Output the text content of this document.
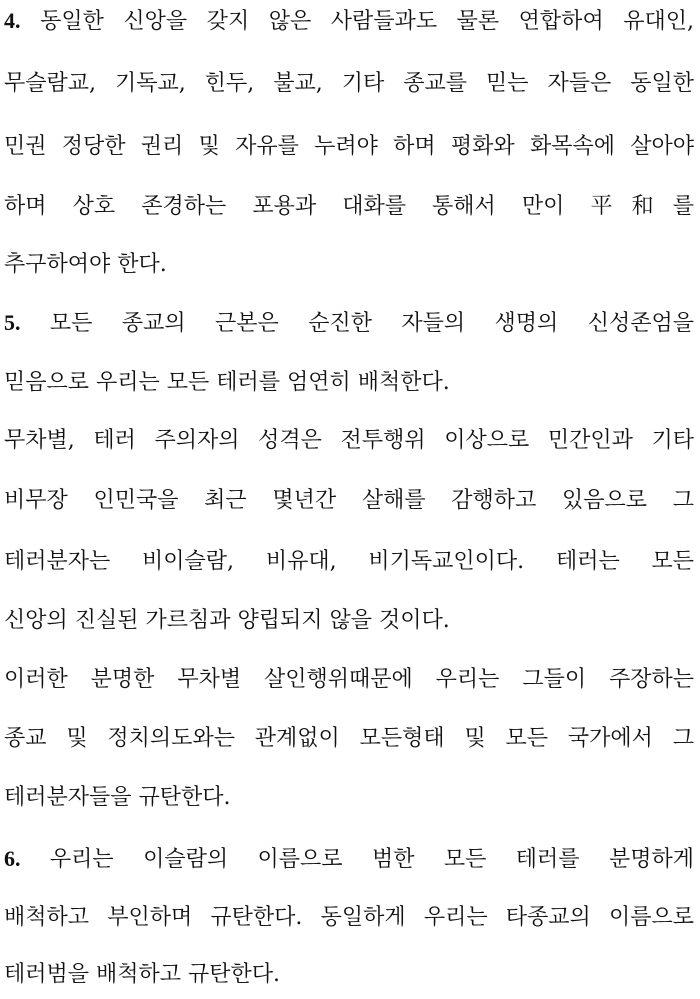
4. 동일한 신앙을 갖지 않은 사람들과도 물론 연합하여 유대인,
무슬람교, 기독교, 힌두, 불교, 기타 종교를 믿는 자들은 동일한
민권 정당한 권리 및 자유를 누려야 하며 평화와 화목속에 살아야
하며 상호 존경하는 포용과 대화를 통해서 만이 平和를
추구하여야 한다.
5. 모든 종교의 근본은 순진한 자들의 생명의 신성존엄을
믿음으로 우리는 모든 테러를 엄연히 배척한다.
무차별, 테러 주의자의 성격은 전투행위 이상으로 민간인과 기타
비무장 인민국을 최근 몇년간 살해를 감행하고 있음으로 그
테러분자는 비이슬람, 비유대, 비기독교인이다. 테러는 모든
신앙의 진실된 가르침과 양립되지 않을 것이다.
이러한 분명한 무차별 살인행위때문에 우리는 그들이 주장하는
종교 및 정치의도와는 관계없이 모든형태 및 모든 국가에서 그
테러분자들을 규탄한다.
6. 우리는 이슬람의 이름으로 범한 모든 테러를 분명하게
배척하고 부인하며 규탄한다. 동일하게 우리는 타종교의 이름으로
테러범을 배척하고 규탄한다.
